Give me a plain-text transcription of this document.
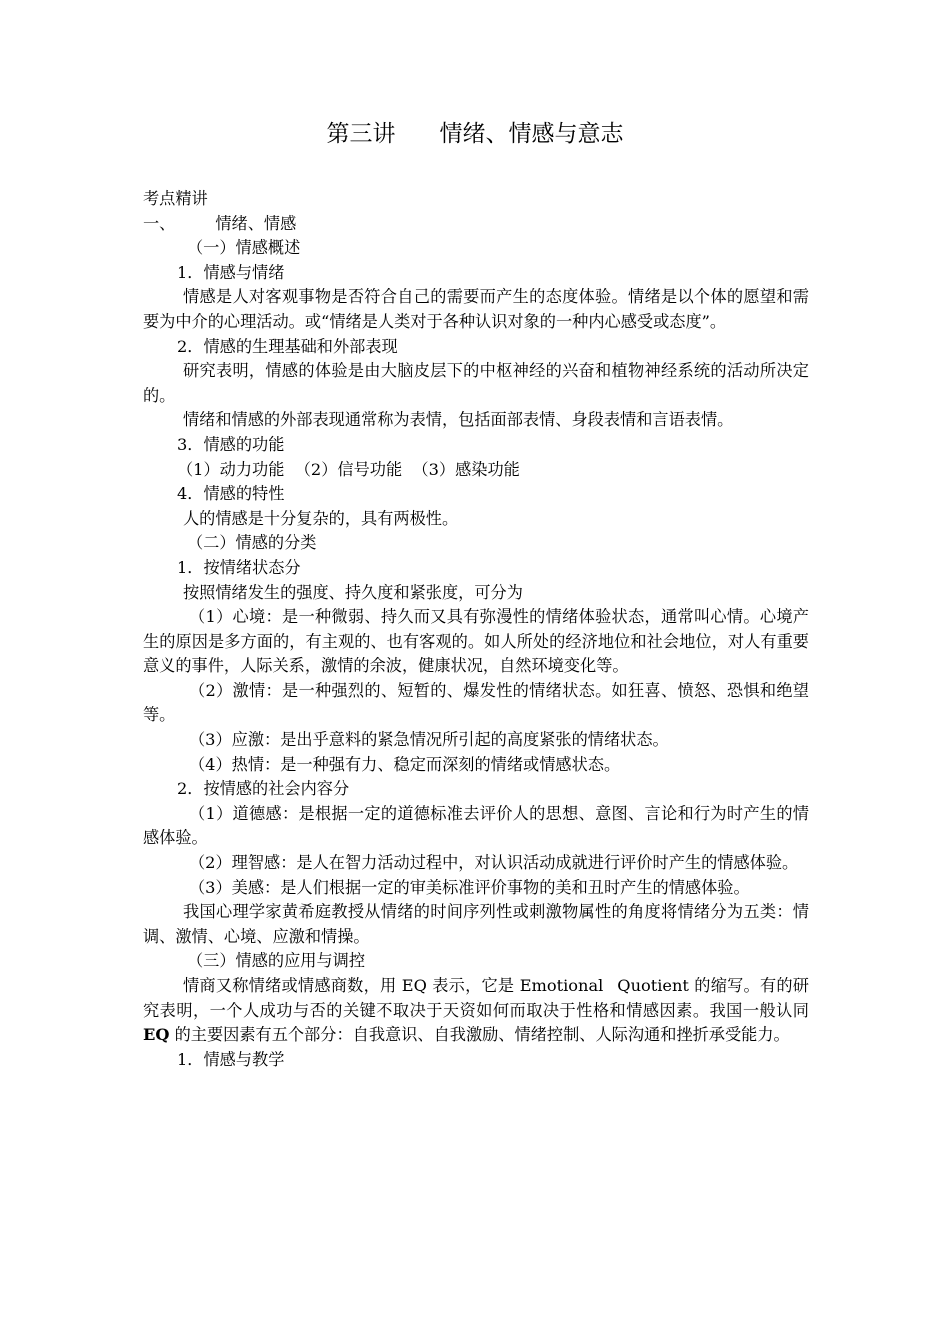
第三讲 情绪、情感与意志

考点精讲

一、 情绪、情感

（一）情感概述

1．情感与情绪

情感是人对客观事物是否符合自己的需要而产生的态度体验。情绪是以个体的愿望和需要为中介的心理活动。或“情绪是人类对于各种认识对象的一种内心感受或态度”。

2．情感的生理基础和外部表现

研究表明，情感的体验是由大脑皮层下的中枢神经的兴奋和植物神经系统的活动所决定的。

情绪和情感的外部表现通常称为表情，包括面部表情、身段表情和言语表情。

3．情感的功能

（1）动力功能  （2）信号功能  （3）感染功能

4．情感的特性

人的情感是十分复杂的，具有两极性。

（二）情感的分类

1．按情绪状态分

按照情绪发生的强度、持久度和紧张度，可分为

（1）心境：是一种微弱、持久而又具有弥漫性的情绪体验状态，通常叫心情。心境产生的原因是多方面的，有主观的、也有客观的。如人所处的经济地位和社会地位，对人有重要意义的事件，人际关系，激情的余波，健康状况，自然环境变化等。

（2）激情：是一种强烈的、短暂的、爆发性的情绪状态。如狂喜、愤怒、恐惧和绝望等。

（3）应激：是出乎意料的紧急情况所引起的高度紧张的情绪状态。

（4）热情：是一种强有力、稳定而深刻的情绪或情感状态。

2．按情感的社会内容分

（1）道德感：是根据一定的道德标准去评价人的思想、意图、言论和行为时产生的情感体验。

（2）理智感：是人在智力活动过程中，对认识活动成就进行评价时产生的情感体验。

（3）美感：是人们根据一定的审美标准评价事物的美和丑时产生的情感体验。

我国心理学家黄希庭教授从情绪的时间序列性或刺激物属性的角度将情绪分为五类：情调、激情、心境、应激和情操。

（三）情感的应用与调控

情商又称情绪或情感商数，用 EQ 表示，它是 Emotional Quotient 的缩写。有的研究表明，一个人成功与否的关键不取决于天资如何而取决于性格和情感因素。我国一般认同 EQ 的主要因素有五个部分：自我意识、自我激励、情绪控制、人际沟通和挫折承受能力。

1．情感与教学
